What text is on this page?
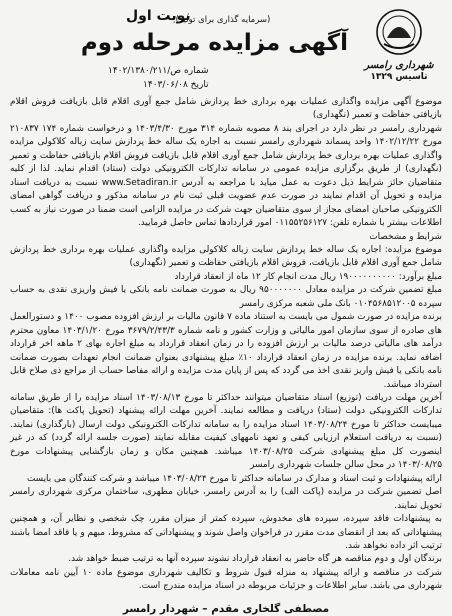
شهرداری رامسر
تاسیس ۱۳۲۹
(سرمایه گذاری برای تولید)
آگهی مزایده مرحله دوم
نوبت اول
شماره ص/۱۴۰۲/۱۳۸۰/۲۱۱
تاریخ ۱۴۰۳/۰۶/۰۸

موضوع آگهی مزایده واگذاری عملیات بهره برداری خط پردازش شامل جمع آوری اقلام قابل بازیافت فروش اقلام بازیافتی حفاظت و تعمیر (نگهداری)

شهرداری رامسر در نظر دارد در اجرای بند ۸ مصوبه شماره ۳۱۴ مورخ ۱۴۰۳/۴/۳۰ و درخواست شماره ۱۷۴ ۲۱۰۸۳۷ مورخ ۱۴۰۲/۱۲/۲۲ واحد پسماند شهرداری رامسر نسبت به اجاره یک ساله خط پردازش سایت زباله کلاکولی مزایده واگذاری عملیات بهره برداری خط پردازش شامل جمع آوری اقلام قابل بازیافت فروش اقلام بازیافتی حفاظت و تعمیر (نگهداری) از طریق برگزاری مزایده عمومی در سامانه تدارکات الکترونیکی دولت (ستاد) اقدام نماید. لذا از کلیه متقاضیان حائز شرایط ذیل دعوت به عمل میاید با مراجعه به آدرس www.Setadiran.ir نسبت به دریافت اسناد مزایده و تحویل آن اقدام نمایند در صورت عدم عضویت قبلی ثبت نام در سامانه مذکور و دریافت گواهی امضای الکترونیکی صاحبان امضای مجاز از سوی متقاضیان جهت شرکت در مزایده الزامی است ضمنا در صورت نیاز به کسب اطلاعات بیشتر با شماره تلفن: ۰۱۱۵۵۲۵۶۱۲۷ امور قراردادها تماس حاصل فرمایید.

شرایط و مشخصات

موضوع مزایده: اجاره یک ساله خط پردازش سایت زباله کلاکولی مزایده واگذاری عملیات بهره برداری خط پردازش شامل جمع آوری اقلام قابل بازیافت، فروش اقلام بازیافتی حفاظت و تعمیر (نگهداری)

مبلغ برآورد: ۱۹۰۰۰۰۰۰۰۰۰۰ ریال مدت انجام کار ۱۲ ماه از انعقاد قرارداد

مبلغ تضمین شرکت در مزایده معادل ۹۵۰۰۰۰۰۰۰ ریال به صورت ضمانت نامه بانکی یا فیش واریزی نقدی به حساب سپرده ۰۱۰۴۵۶۸۵۱۲۰۰۵ بانک ملی شعبه مرکزی رامسر

برنده مزایده در صورت شمول می بایست به استناد ماده ۷ قانون مالیات بر ارزش افزوده مصوب ۱۴۰۰ و دستورالعمل های صادره از سوی سازمان امور مالیاتی و وزارت کشور و نامه شماره ۳۶۷۹/۲/۴۳/۳ مورخ ۱۴۰۳/۱/۲۰ معاون محترم درآمد های مالیاتی درصد مالیات بر ارزش افزوده را در زمان انعقاد قرارداد به مبلغ اجاره بهای ۲ ماهه اخر قرارداد اضافه نماید. برنده مزایده در زمان انعقاد قرارداد ۱۰٪ مبلغ پیشنهادی بعنوان ضمانت انجام تعهدات بصورت ضمانت نامه بانکی یا فیش واریز نقدی اخذ می گردد که پس از پایان مدت مزایده و ارائه مفاصا حساب از مراجع ذی صلاح قابل استرداد میباشد.

آخرین مهلت دریافت (توزیع) اسناد متقاضیان میتوانند حداکثر تا مورخ ۱۴۰۳/۰۸/۱۳ اسناد مزایده را از طریق سامانه تدارکات الکترونیکی دولت (ستاد) دریافت و مطالعه نمایند. آخرین مهلت ارائه پیشنهاد (تحویل پاکت ها): متقاضیان میبایست حداکثر تا مورخ ۱۴۰۳/۰۸/۲۴ اسناد مزایده را به سامانه تدارکات الکترونیکی دولت ارسال (بارگذاری) نمایند. (نسبت به دریافت استعلام ارزیابی کیفی و تعهد نامههای کیفیت مقابله نمایند (صورت جلسه ارائه گردد) که در غیر اینصورت کل مبلغ پیشنهادی شرکت ۱۴۰۳/۰۸/۲۵ میباشد. همچنین مکان و زمان بازگشایی پیشنهادات مورخ ۱۴۰۳/۰۸/۲۵ در محل سالن جلسات شهرداری رامسر

ارائه پیشنهادات و ثبت اسناد و مدارک در سامانه حداکثر تا مورخ ۱۴۰۳/۰۸/۲۴ میباشد و شرکت کنندگان می بایست

اصل تضمین شرکت در مزایده (پاکت الف) را به آدرس رامسر، خیابان مطهری، ساختمان مرکزی شهرداری رامسر تحویل نمایند.

به پیشنهادات فاقد سپرده، سپرده های مخدوش، سپرده کمتر از میزان مقرر، چک شخصی و نظایر آن، و همچنین پیشنهاداتی که بعد از انقضای مدت مقرر در فراخوان واصل شوند و پیشنهاداتی که مشروط، مبهم و یا فاقد امضا باشند ترتیب اثر داده نخواهد شد.

برندگان اول و دوم مناقصه هر گاه حاضر به انعقاد قرارداد نشوند سپرده آنها به ترتیب ضبط خواهد شد.

شرکت در مناقصه و ارائه پیشنهاد به منزله قبول شروط و تکالیف شهرداری موضوع ماده ۱۰ آیین نامه معاملات شهرداری می باشد. سایر اطلاعات و جزئیات مربوطه در اسناد مزایده مندرج است.

مصطفی گلخاری مقدم – شهردار رامسر
